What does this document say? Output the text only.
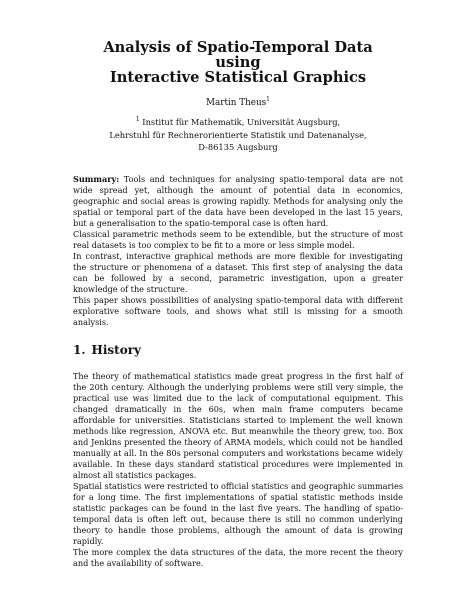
Analysis of Spatio-Temporal Data

using

Interactive Statistical Graphics

Martin Theus$^1$
$^1$ Institut für Mathematik, Universität Augsburg,
Lehrstuhl für Rechnerorientierte Statistik und Datenanalyse,
D-86135 Augsburg

Summary: Tools and techniques for analysing spatio-temporal data are not wide spread yet, although the amount of potential data in economics, geographic and social areas is growing rapidly. Methods for analysing only the spatial or temporal part of the data have been developed in the last 15 years, but a generalisation to the spatio-temporal case is often hard.

Classical parametric methods seem to be extendible, but the structure of most real datasets is too complex to be fit to a more or less simple model.

In contrast, interactive graphical methods are more flexible for investigating the structure or phenomena of a dataset. This first step of analysing the data can be followed by a second, parametric investigation, upon a greater knowledge of the structure.

This paper shows possibilities of analysing spatio-temporal data with different explorative software tools, and shows what still is missing for a smooth analysis.

1. History

The theory of mathematical statistics made great progress in the first half of the 20th century. Although the underlying problems were still very simple, the practical use was limited due to the lack of computational equipment. This changed dramatically in the 60s, when main frame computers became affordable for universities. Statisticians started to implement the well known methods like regression, ANOVA etc. But meanwhile the theory grew, too. Box and Jenkins presented the theory of ARMA models, which could not be handled manually at all. In the 80s personal computers and workstations became widely available. In these days standard statistical procedures were implemented in almost all statistics packages.

Spatial statistics were restricted to official statistics and geographic summaries for a long time. The first implementations of spatial statistic methods inside statistic packages can be found in the last five years. The handling of spatio-temporal data is often left out, because there is still no common underlying theory to handle those problems, although the amount of data is growing rapidly.

The more complex the data structures of the data, the more recent the theory and the availability of software.
